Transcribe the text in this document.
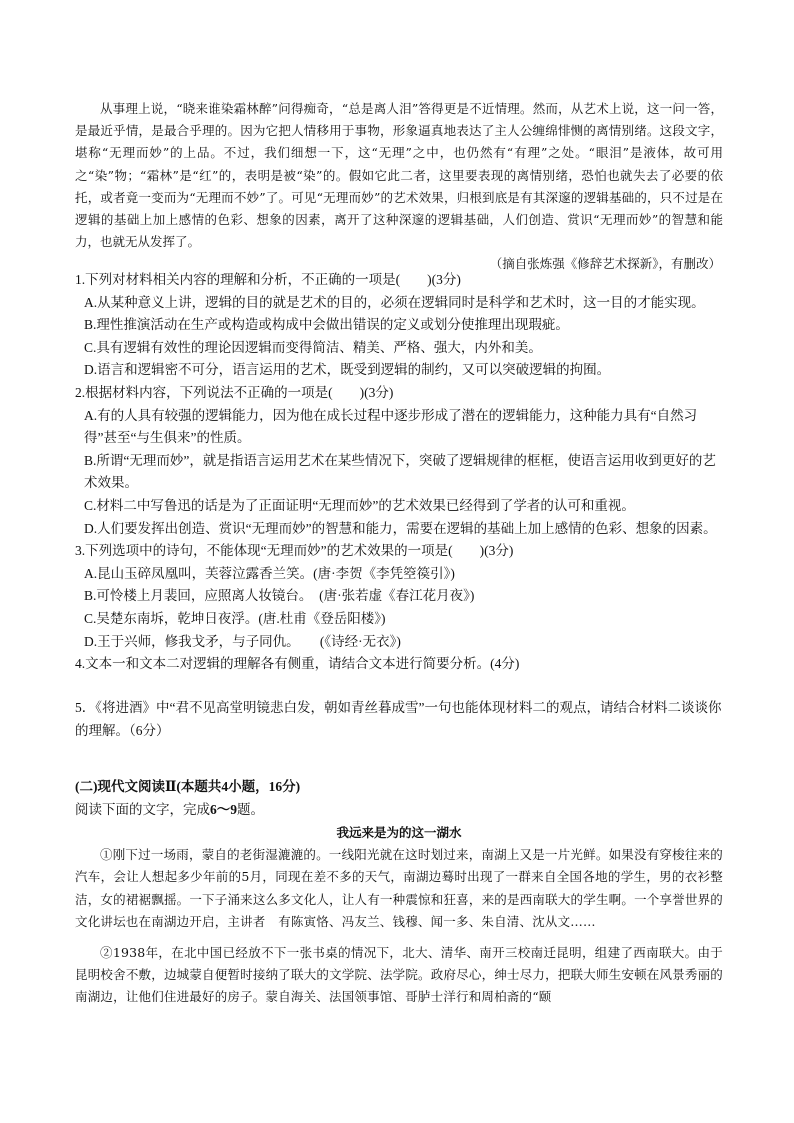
从事理上说，“晓来谁染霜林醉”问得痴奇，“总是离人泪”答得更是不近情理。然而，从艺术上说，这一问一答，是最近乎情，是最合乎理的。因为它把人情移用于事物，形象逼真地表达了主人公缠绵悱恻的离情别绪。这段文字，堪称“无理而妙”的上品。不过，我们细想一下，这“无理”之中，也仍然有“有理”之处。“眼泪”是液体，故可用之“染”物；“霜林”是“红”的，表明是被“染”的。假如它此二者，这里要表现的离情别绪，恐怕也就失去了必要的依托，或者竟一变而为“无理而不妙”了。可见“无理而妙”的艺术效果，归根到底是有其深邃的逻辑基础的，只不过是在逻辑的基础上加上感情的色彩、想象的因素，离开了这种深邃的逻辑基础，人们创造、赏识“无理而妙”的智慧和能力，也就无从发挥了。

（摘自张炼强《修辞艺术探新》，有删改）

1.下列对材料相关内容的理解和分析，不正确的一项是(　　)(3分)

A.从某种意义上讲，逻辑的目的就是艺术的目的，必须在逻辑同时是科学和艺术时，这一目的才能实现。

B.理性推演活动在生产或构造或构成中会做出错误的定义或划分使推理出现瑕疵。

C.具有逻辑有效性的理论因逻辑而变得简洁、精美、严格、强大，内外和美。

D.语言和逻辑密不可分，语言运用的艺术，既受到逻辑的制约，又可以突破逻辑的拘囿。

2.根据材料内容，下列说法不正确的一项是(　　)(3分)

A.有的人具有较强的逻辑能力，因为他在成长过程中逐步形成了潜在的逻辑能力，这种能力具有“自然习得”甚至“与生俱来”的性质。

B.所谓“无理而妙”，就是指语言运用艺术在某些情况下，突破了逻辑规律的框框，使语言运用收到更好的艺术效果。

C.材料二中写鲁迅的话是为了正面证明“无理而妙”的艺术效果已经得到了学者的认可和重视。

D.人们要发挥出创造、赏识“无理而妙”的智慧和能力，需要在逻辑的基础上加上感情的色彩、想象的因素。

3.下列选项中的诗句，不能体现“无理而妙”的艺术效果的一项是(　　)(3分)

A.昆山玉碎凤凰叫，芙蓉泣露香兰笑。(唐·李贺《李凭箜篌引》)

B.可怜楼上月裴回，应照离人妆镜台。　(唐·张若虚《春江花月夜》)

C.吴楚东南坼，乾坤日夜浮。(唐.杜甫《登岳阳楼》)

D.王于兴师，修我戈矛，与子同仇。　　(《诗经·无衣》)

4.文本一和文本二对逻辑的理解各有侧重，请结合文本进行简要分析。(4分)

5．《将进酒》中“君不见高堂明镜悲白发，朝如青丝暮成雪”一句也能体现材料二的观点，请结合材料二谈谈你的理解。（6分）

(二)现代文阅读Ⅱ(本题共4小题，16分)

阅读下面的文字，完成6～9题。

我远来是为的这一湖水

①刚下过一场雨，蒙自的老街湿漉漉的。一线阳光就在这时划过来，南湖上又是一片光鲜。如果没有穿梭往来的汽车，会让人想起多少年前的5月，同现在差不多的天气，南湖边蓦时出现了一群来自全国各地的学生，男的衣衫整洁，女的裙裾飘摇。一下子涌来这么多文化人，让人有一种震惊和狂喜，来的是西南联大的学生啊。一个享誉世界的文化讲坛也在南湖边开启，主讲者　有陈寅恪、冯友兰、钱穆、闻一多、朱自清、沈从文……

②1938年，在北中国已经放不下一张书桌的情况下，北大、清华、南开三校南迁昆明，组建了西南联大。由于昆明校舍不敷，边城蒙自便暂时接纳了联大的文学院、法学院。政府尽心，绅士尽力，把联大师生安顿在风景秀丽的南湖边，让他们住进最好的房子。蒙自海关、法国领事馆、哥胪士洋行和周柏斋的“颐
